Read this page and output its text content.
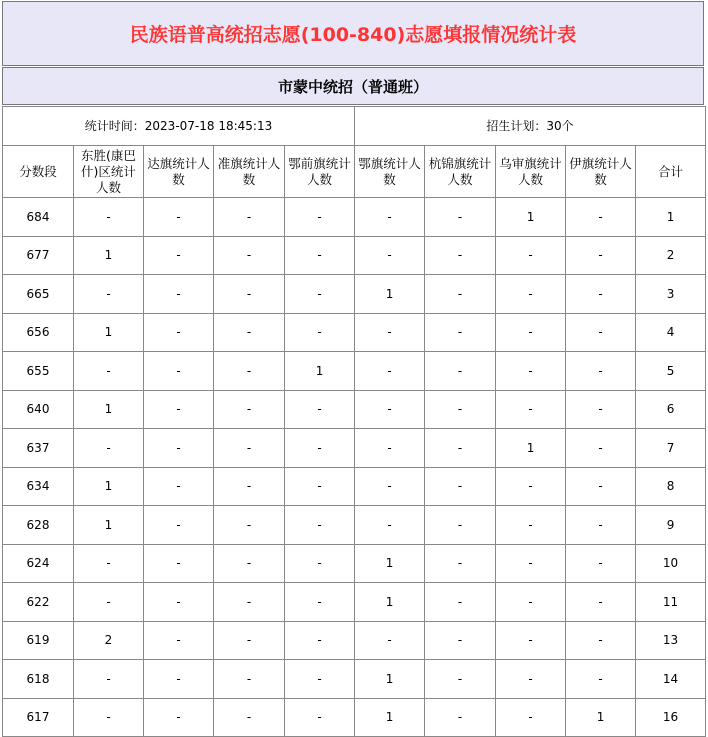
民族语普高统招志愿(100-840)志愿填报情况统计表
市蒙中统招（普通班）
统计时间：2023-07-18 18:45:13					招生计划：30个				
分数段	东胜(康巴什)区统计人数	达旗统计人数	准旗统计人数	鄂前旗统计人数	鄂旗统计人数	杭锦旗统计人数	乌审旗统计人数	伊旗统计人数	合计
684	-	-	-	-	-	-	1	-	1
677	1	-	-	-	-	-	-	-	2
665	-	-	-	-	1	-	-	-	3
656	1	-	-	-	-	-	-	-	4
655	-	-	-	1	-	-	-	-	5
640	1	-	-	-	-	-	-	-	6
637	-	-	-	-	-	-	1	-	7
634	1	-	-	-	-	-	-	-	8
628	1	-	-	-	-	-	-	-	9
624	-	-	-	-	1	-	-	-	10
622	-	-	-	-	1	-	-	-	11
619	2	-	-	-	-	-	-	-	13
618	-	-	-	-	1	-	-	-	14
617	-	-	-	-	1	-	-	1	16
